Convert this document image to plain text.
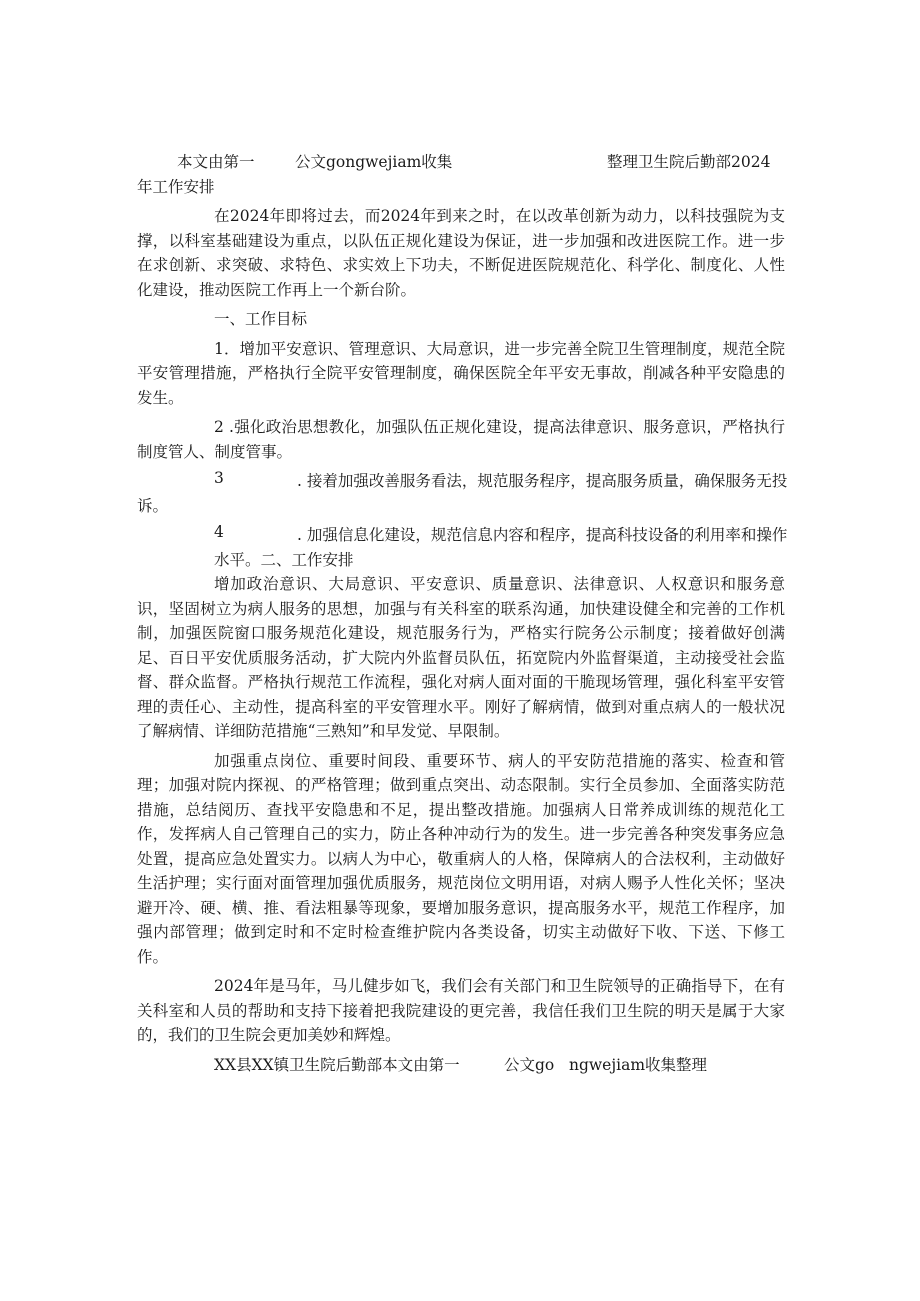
本文由第一	公文gongwejiam收集	整理卫生院后勤部2024

年工作安排

在2024年即将过去，而2024年到来之时，在以改革创新为动力，以科技强院为支撑，以科室基础建设为重点，以队伍正规化建设为保证，进一步加强和改进医院工作。进一步在求创新、求突破、求特色、求实效上下功夫，不断促进医院规范化、科学化、制度化、人性化建设，推动医院工作再上一个新台阶。

一、工作目标

1．增加平安意识、管理意识、大局意识，进一步完善全院卫生管理制度，规范全院平安管理措施，严格执行全院平安管理制度，确保医院全年平安无事故，削减各种平安隐患的发生。

2 .强化政治思想教化，加强队伍正规化建设，提高法律意识、服务意识，严格执行制度管人、制度管事。

3	. 接着加强改善服务看法，规范服务程序，提高服务质量，确保服务无投

诉。

4	. 加强信息化建设，规范信息内容和程序，提高科技设备的利用率和操作
水平。二、工作安排

增加政治意识、大局意识、平安意识、质量意识、法律意识、人权意识和服务意识，坚固树立为病人服务的思想，加强与有关科室的联系沟通，加快建设健全和完善的工作机制，加强医院窗口服务规范化建设，规范服务行为，严格实行院务公示制度；接着做好创满足、百日平安优质服务活动，扩大院内外监督员队伍，拓宽院内外监督渠道，主动接受社会监督、群众监督。严格执行规范工作流程，强化对病人面对面的干脆现场管理，强化科室平安管理的责任心、主动性，提高科室的平安管理水平。刚好了解病情，做到对重点病人的一般状况了解病情、详细防范措施“三熟知”和早发觉、早限制。

加强重点岗位、重要时间段、重要环节、病人的平安防范措施的落实、检查和管理；加强对院内探视、的严格管理；做到重点突出、动态限制。实行全员参加、全面落实防范措施，总结阅历、查找平安隐患和不足，提出整改措施。加强病人日常养成训练的规范化工作，发挥病人自己管理自己的实力，防止各种冲动行为的发生。进一步完善各种突发事务应急处置，提高应急处置实力。以病人为中心，敬重病人的人格，保障病人的合法权利，主动做好生活护理；实行面对面管理加强优质服务，规范岗位文明用语，对病人赐予人性化关怀；坚决避开冷、硬、横、推、看法粗暴等现象，要增加服务意识，提高服务水平，规范工作程序，加强内部管理；做到定时和不定时检查维护院内各类设备，切实主动做好下收、下送、下修工作。

2024年是马年，马儿健步如飞，我们会有关部门和卫生院领导的正确指导下，在有关科室和人员的帮助和支持下接着把我院建设的更完善，我信任我们卫生院的明天是属于大家的，我们的卫生院会更加美妙和辉煌。

XX县XX镇卫生院后勤部本文由第一	公文go ngwejiam收集整理
